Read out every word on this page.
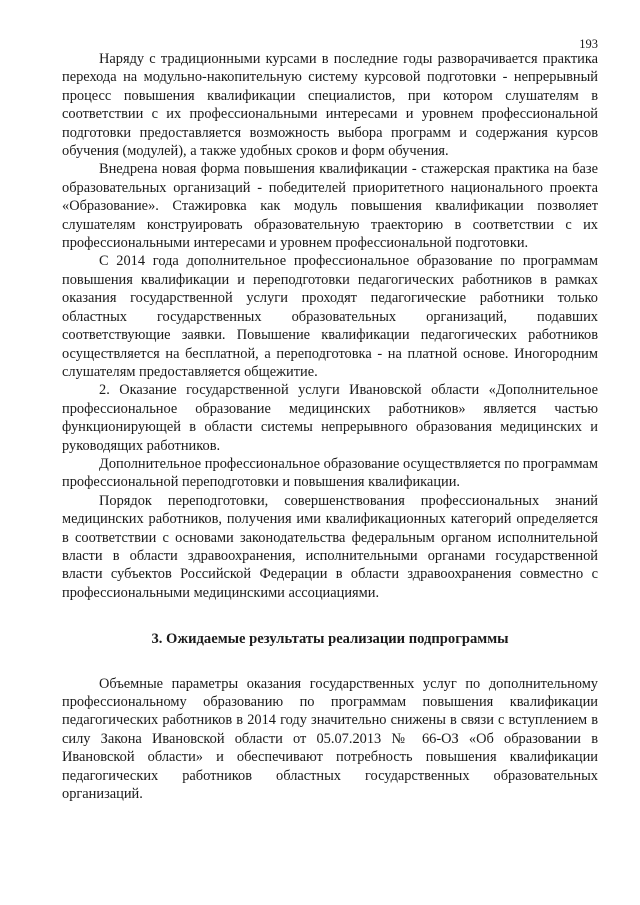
193

Наряду с традиционными курсами в последние годы разворачивается практика перехода на модульно-накопительную систему курсовой подготовки - непрерывный процесс повышения квалификации специалистов, при котором слушателям в соответствии с их профессиональными интересами и уровнем профессиональной подготовки предоставляется возможность выбора программ и содержания курсов обучения (модулей), а также удобных сроков и форм обучения.

Внедрена новая форма повышения квалификации - стажерская практика на базе образовательных организаций - победителей приоритетного национального проекта «Образование». Стажировка как модуль повышения квалификации позволяет слушателям конструировать образовательную траекторию в соответствии с их профессиональными интересами и уровнем профессиональной подготовки.

С 2014 года дополнительное профессиональное образование по программам повышения квалификации и переподготовки педагогических работников в рамках оказания государственной услуги проходят педагогические работники только областных государственных образовательных организаций, подавших соответствующие заявки. Повышение квалификации педагогических работников осуществляется на бесплатной, а переподготовка - на платной основе. Иногородним слушателям предоставляется общежитие.

2. Оказание государственной услуги Ивановской области «Дополнительное профессиональное образование медицинских работников» является частью функционирующей в области системы непрерывного образования медицинских и руководящих работников.

Дополнительное профессиональное образование осуществляется по программам профессиональной переподготовки и повышения квалификации.

Порядок переподготовки, совершенствования профессиональных знаний медицинских работников, получения ими квалификационных категорий определяется в соответствии с основами законодательства федеральным органом исполнительной власти в области здравоохранения, исполнительными органами государственной власти субъектов Российской Федерации в области здравоохранения совместно с профессиональными медицинскими ассоциациями.

3. Ожидаемые результаты реализации подпрограммы

Объемные параметры оказания государственных услуг по дополнительному профессиональному образованию по программам повышения квалификации педагогических работников в 2014 году значительно снижены в связи с вступлением в силу Закона Ивановской области от 05.07.2013 № 66-ОЗ «Об образовании в Ивановской области» и обеспечивают потребность повышения квалификации педагогических работников областных государственных образовательных организаций.
